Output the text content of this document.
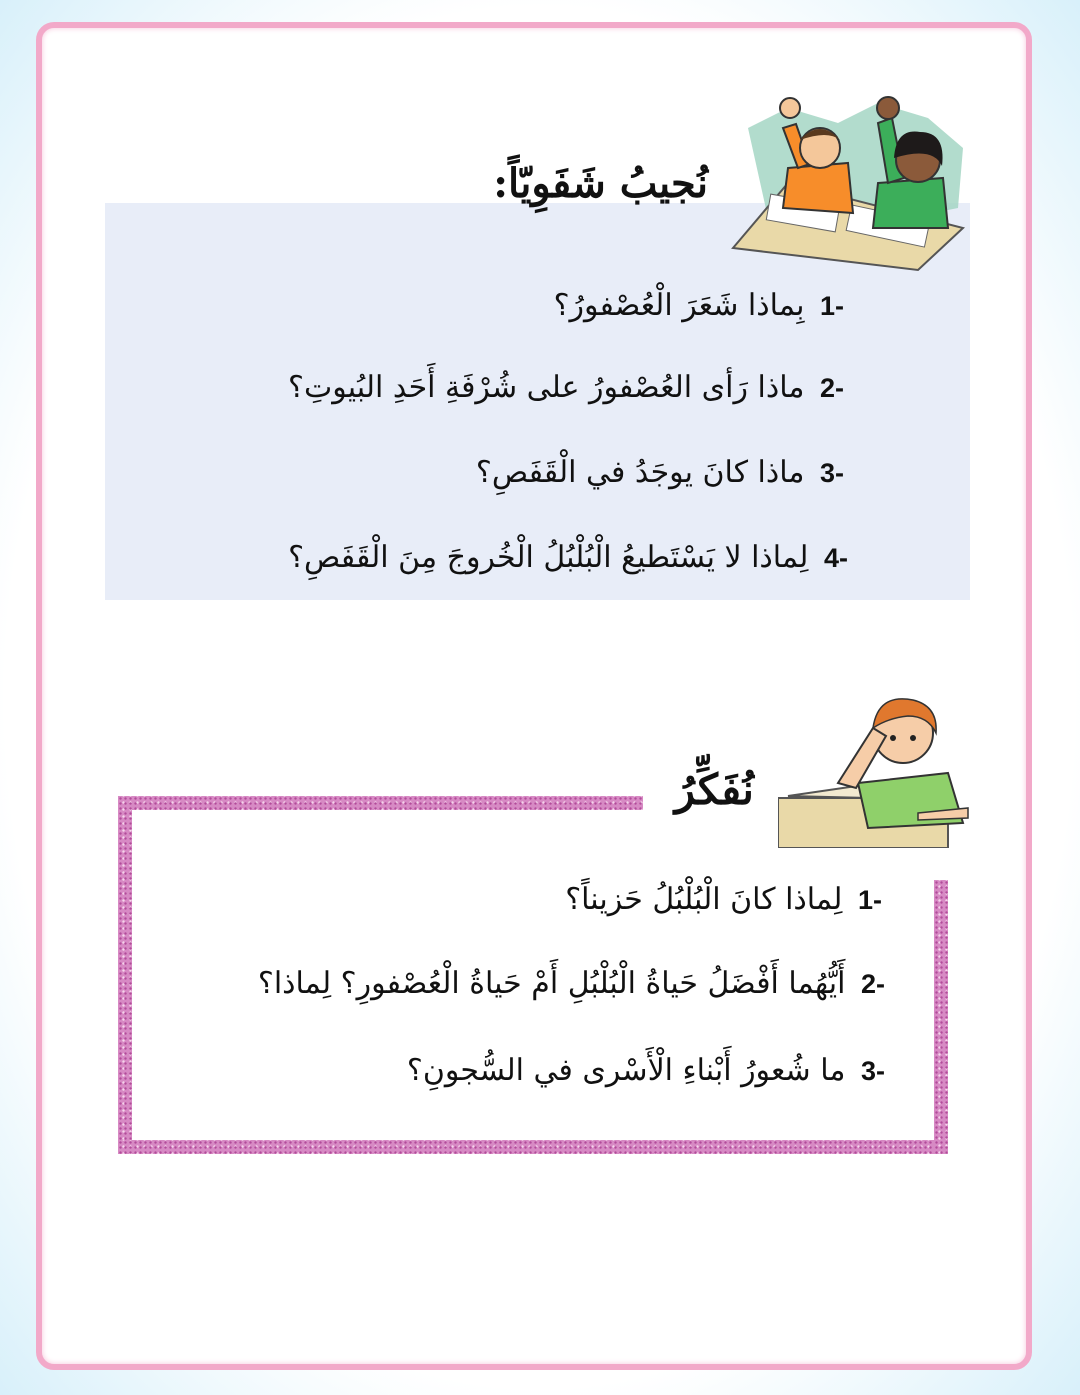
نُجيبُ شَفَوِيّاً:
-1 بِماذا شَعَرَ الْعُصْفورُ؟
-2 ماذا رَأى العُصْفورُ على شُرْفَةِ أَحَدِ البُيوتِ؟
-3 ماذا كانَ يوجَدُ في الْقَفَصِ؟
-4 لِماذا لا يَسْتَطيعُ الْبُلْبُلُ الْخُروجَ مِنَ الْقَفَصِ؟
نُفَكِّرُ
-1 لِماذا كانَ الْبُلْبُلُ حَزيناً؟
-2 أَيُّهُما أَفْضَلُ حَياةُ الْبُلْبُلِ أَمْ حَياةُ الْعُصْفورِ؟ لِماذا؟
-3 ما شُعورُ أَبْناءِ الْأَسْرى في السُّجونِ؟
